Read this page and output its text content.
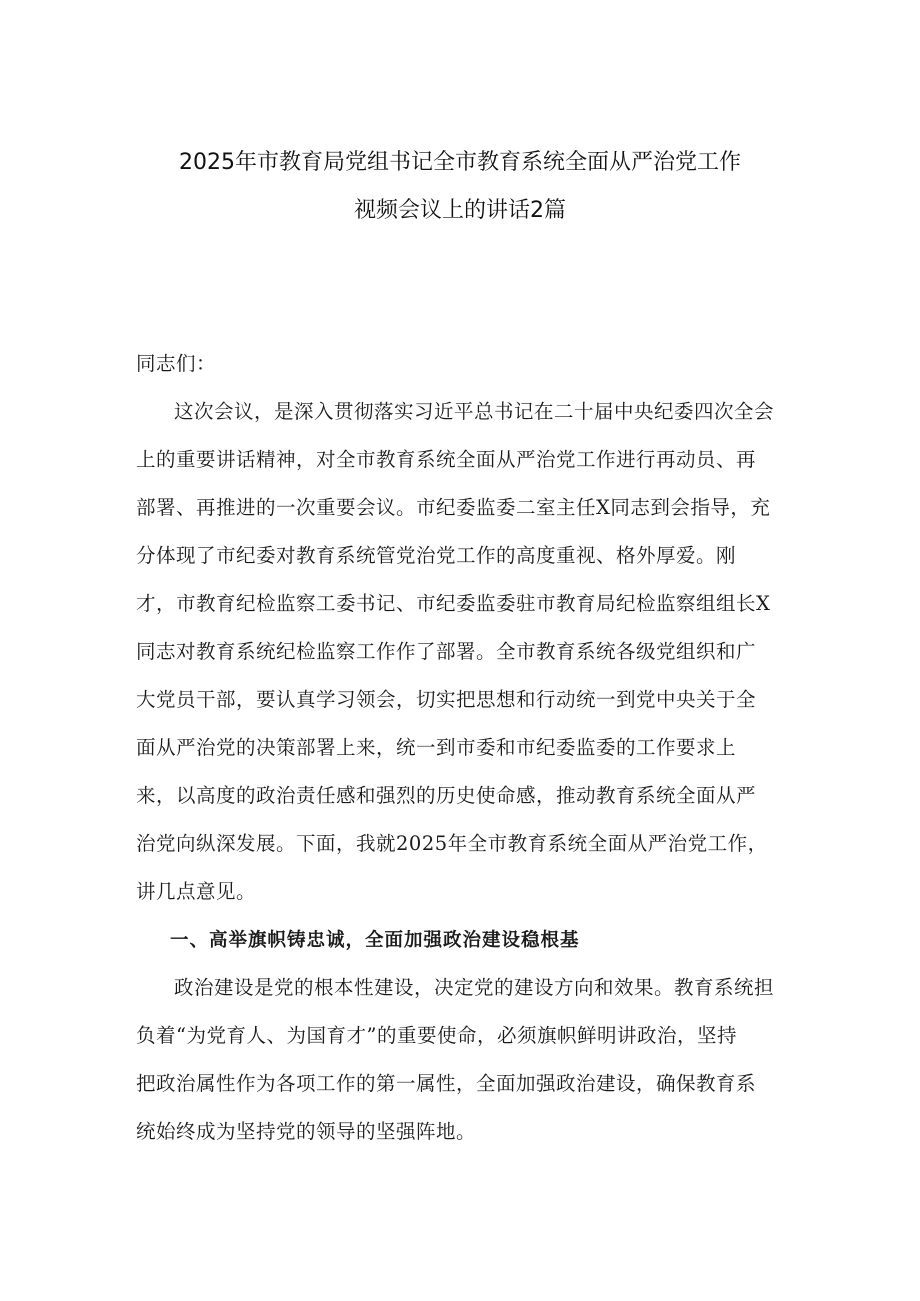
2025年市教育局党组书记全市教育系统全面从严治党工作
视频会议上的讲话2篇
同志们：
这次会议，是深入贯彻落实习近平总书记在二十届中央纪委四次全会
上的重要讲话精神，对全市教育系统全面从严治党工作进行再动员、再
部署、再推进的一次重要会议。市纪委监委二室主任X同志到会指导，充
分体现了市纪委对教育系统管党治党工作的高度重视、格外厚爱。刚
才，市教育纪检监察工委书记、市纪委监委驻市教育局纪检监察组组长X
同志对教育系统纪检监察工作作了部署。全市教育系统各级党组织和广
大党员干部，要认真学习领会，切实把思想和行动统一到党中央关于全
面从严治党的决策部署上来，统一到市委和市纪委监委的工作要求上
来，以高度的政治责任感和强烈的历史使命感，推动教育系统全面从严
治党向纵深发展。下面，我就2025年全市教育系统全面从严治党工作，
讲几点意见。
一、高举旗帜铸忠诚，全面加强政治建设稳根基
政治建设是党的根本性建设，决定党的建设方向和效果。教育系统担
负着“为党育人、为国育才”的重要使命，必须旗帜鲜明讲政治，坚持
把政治属性作为各项工作的第一属性，全面加强政治建设，确保教育系
统始终成为坚持党的领导的坚强阵地。
